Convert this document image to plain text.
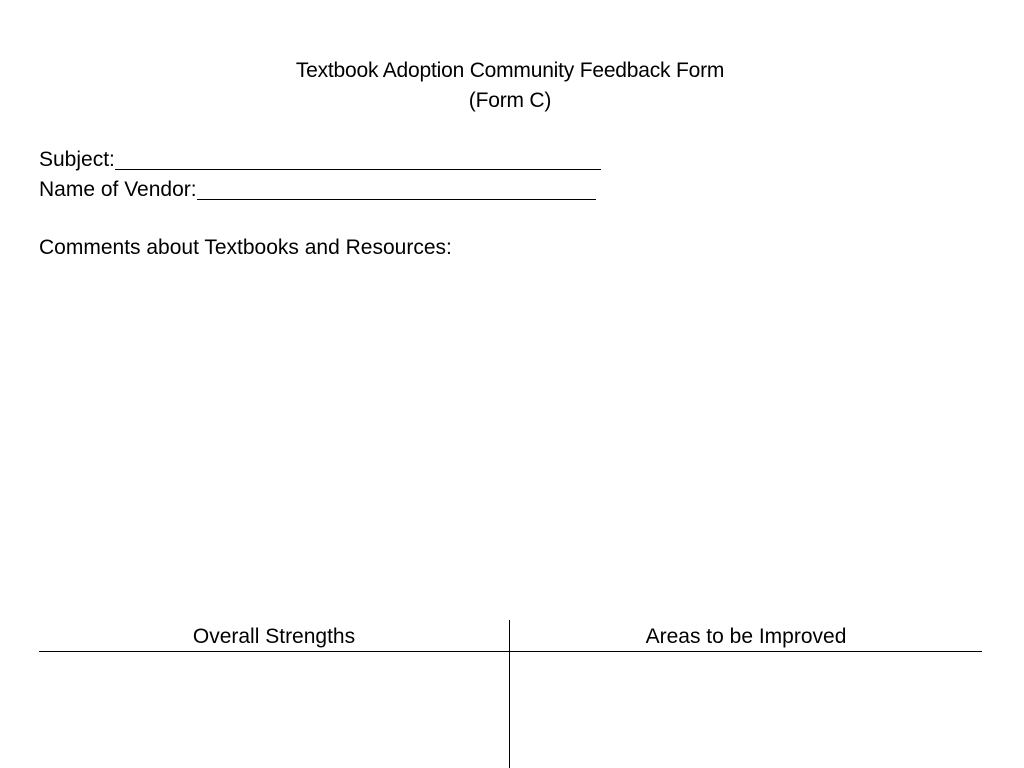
Textbook Adoption Community Feedback Form
(Form C)
Subject:
Name of Vendor:
Comments about Textbooks and Resources:
Overall Strengths	Areas to be Improved
